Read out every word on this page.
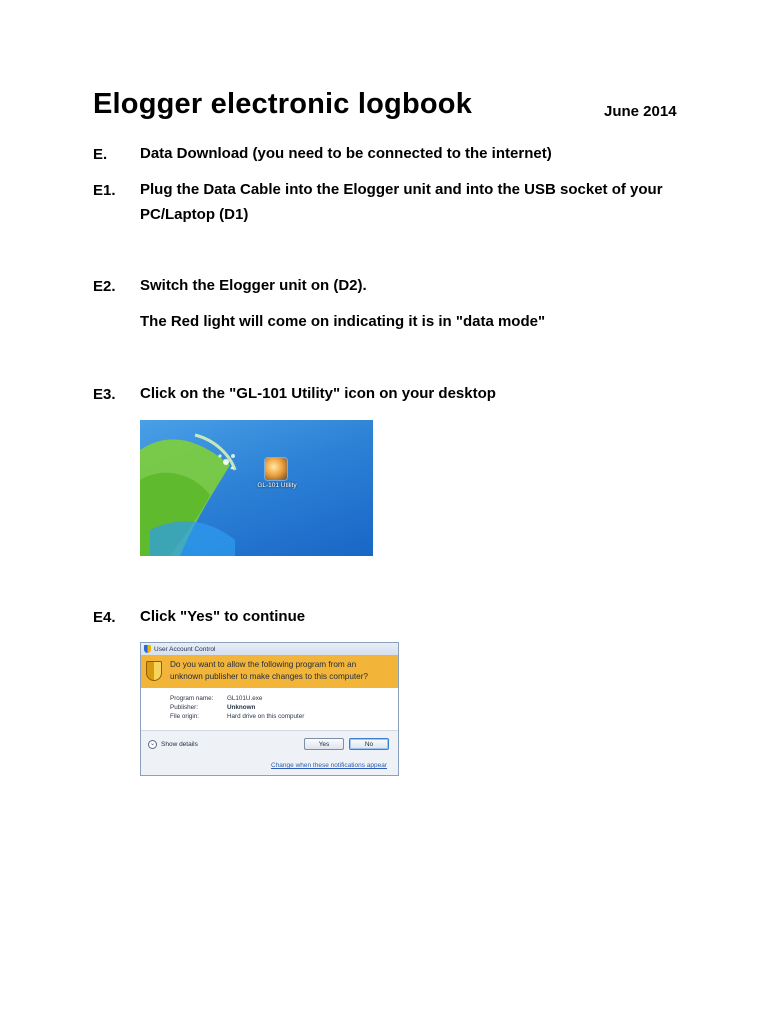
Elogger electronic logbook	June 2014
E. Data Download (you need to be connected to the internet)
E1. Plug the Data Cable into the Elogger unit and into the USB socket of your
PC/Laptop (D1)
E2. Switch the Elogger unit on (D2).
The Red light will come on indicating it is in "data mode"
E3. Click on the "GL-101 Utility" icon on your desktop
GL-101 Utility
E4. Click "Yes" to continue
User Account Control
Do you want to allow the following program from an
unknown publisher to make changes to this computer?
Program name: GL101U.exe
Publisher:	Unknown
File origin:	Hard drive on this computer
⌄ Show details	Yes	No
Change when these notifications appear
